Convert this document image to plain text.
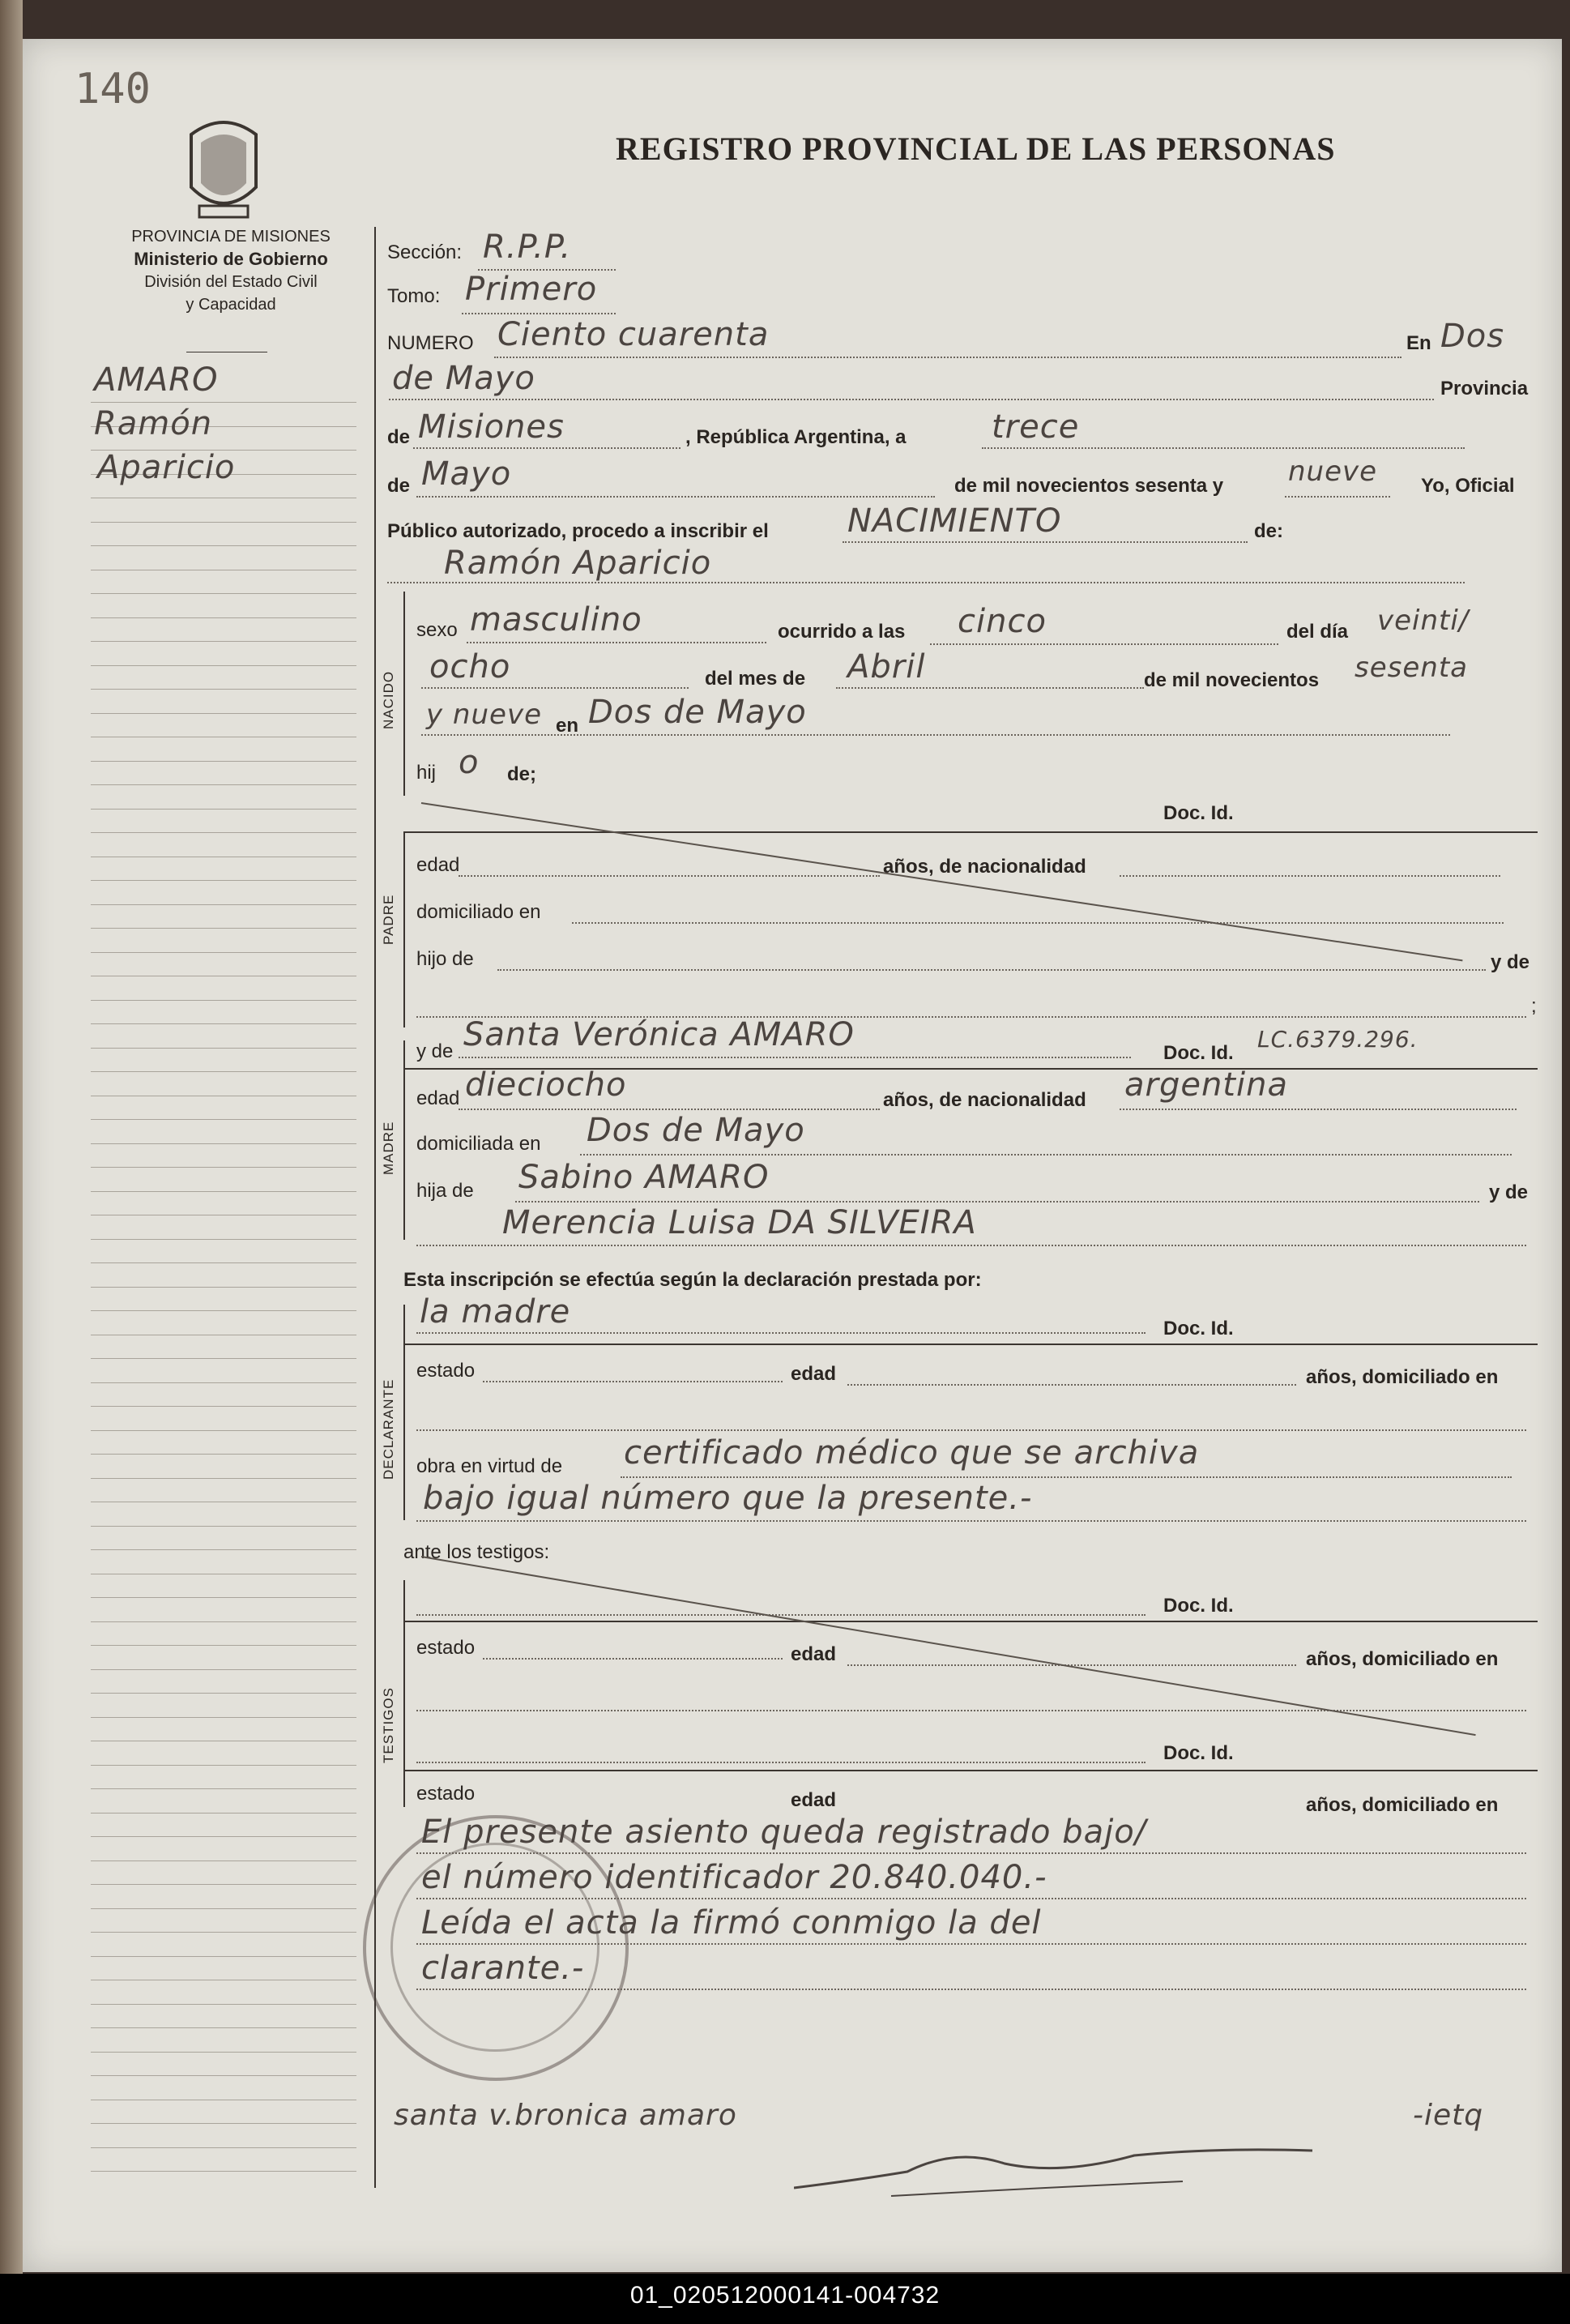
140
REGISTRO PROVINCIAL DE LAS PERSONAS
PROVINCIA DE MISIONES
Ministerio de Gobierno
División del Estado Civil
y Capacidad
AMARO
Ramón
Aparicio
Sección: R.P.P.
Tomo: Primero
NUMERO Ciento cuarenta	En Dos
de Mayo	Provincia
de Misiones	, República Argentina, a	trece
de Mayo	de mil novecientos sesenta y nueve Yo, Oficial
Público autorizado, procedo a inscribir el NACIMIENTO	de:
Ramón Aparicio
NACIDO
sexo masculino	ocurrido a las cinco	del día veinti/
ocho	del mes de Abril	de mil novecientos sesenta
y nueve en Dos de Mayo
hij o de;
Doc. Id.
PADRE
edad	años, de nacionalidad
domiciliado en
hijo de	y de
;
MADRE
y de Santa Verónica AMARO	Doc. Id.
LC.6379.296.
edad dieciocho	años, de nacionalidad argentina
domiciliada en Dos de Mayo
hija de Sabino AMARO	y de
Merencia Luisa DA SILVEIRA
Esta inscripción se efectúa según la declaración prestada por:
DECLARANTE
la madre	Doc. Id.
estado	edad	años, domiciliado en
obra en virtud de certificado médico que se archiva
bajo igual número que la presente.-
ante los testigos:
TESTIGOS
Doc. Id.
estado	edad	años, domiciliado en
Doc. Id.
estado	edad	años, domiciliado en
El presente asiento queda registrado bajo/
el número identificador 20.840.040.-
Leída el acta la firmó conmigo la del
clarante.-
santa v.bronica amaro	-ietq
01_020512000141-004732
